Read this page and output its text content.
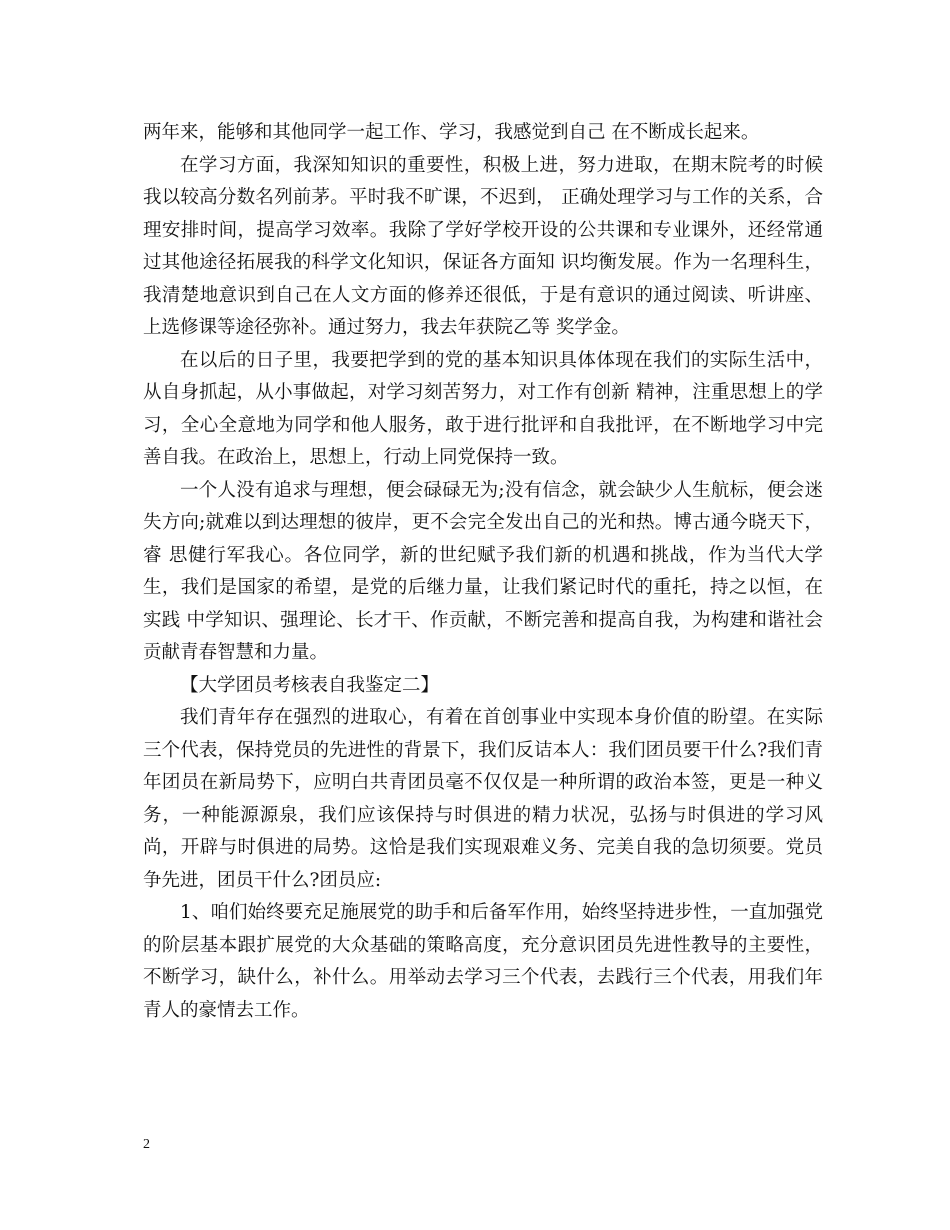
两年来，能够和其他同学一起工作、学习，我感觉到自己 在不断成长起来。

在学习方面，我深知知识的重要性，积极上进，努力进取，在期末院考的时候我以较高分数名列前茅。平时我不旷课，不迟到， 正确处理学习与工作的关系，合理安排时间，提高学习效率。我除了学好学校开设的公共课和专业课外，还经常通过其他途径拓展我的科学文化知识，保证各方面知 识均衡发展。作为一名理科生，我清楚地意识到自己在人文方面的修养还很低，于是有意识的通过阅读、听讲座、上选修课等途径弥补。通过努力，我去年获院乙等 奖学金。

在以后的日子里，我要把学到的党的基本知识具体体现在我们的实际生活中，从自身抓起，从小事做起，对学习刻苦努力，对工作有创新 精神，注重思想上的学习，全心全意地为同学和他人服务，敢于进行批评和自我批评，在不断地学习中完善自我。在政治上，思想上，行动上同党保持一致。

一个人没有追求与理想，便会碌碌无为;没有信念，就会缺少人生航标，便会迷失方向;就难以到达理想的彼岸，更不会完全发出自己的光和热。博古通今晓天下，睿 思健行军我心。各位同学，新的世纪赋予我们新的机遇和挑战，作为当代大学生，我们是国家的希望，是党的后继力量，让我们紧记时代的重托，持之以恒，在实践 中学知识、强理论、长才干、作贡献，不断完善和提高自我，为构建和谐社会贡献青春智慧和力量。

【大学团员考核表自我鉴定二】

我们青年存在强烈的进取心，有着在首创事业中实现本身价值的盼望。在实际三个代表，保持党员的先进性的背景下，我们反诘本人：我们团员要干什么?我们青年团员在新局势下，应明白共青团员毫不仅仅是一种所谓的政治本签，更是一种义务，一种能源源泉，我们应该保持与时俱进的精力状况，弘扬与时俱进的学习风尚，开辟与时俱进的局势。这恰是我们实现艰难义务、完美自我的急切须要。党员争先进，团员干什么?团员应:

1、咱们始终要充足施展党的助手和后备军作用，始终坚持进步性，一直加强党的阶层基本跟扩展党的大众基础的策略高度，充分意识团员先进性教导的主要性，不断学习，缺什么，补什么。用举动去学习三个代表，去践行三个代表，用我们年青人的豪情去工作。

2
